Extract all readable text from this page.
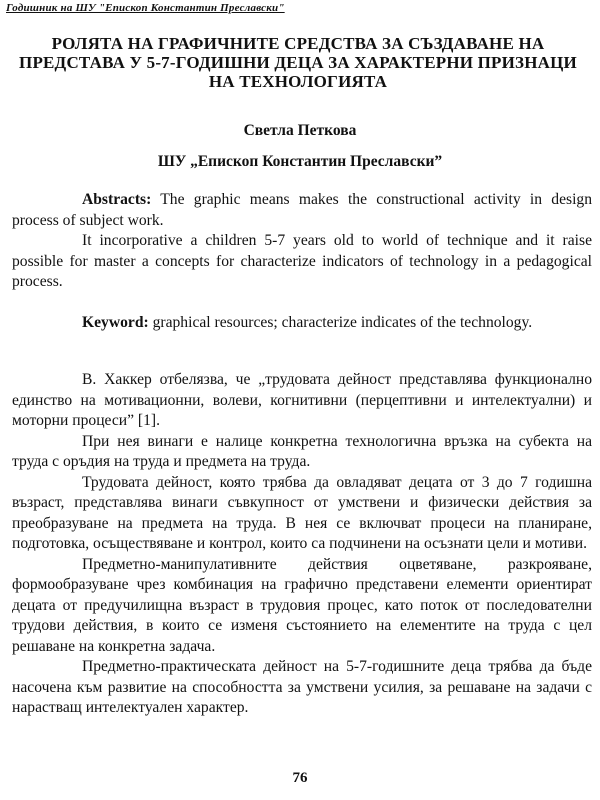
Годишник на ШУ "Епископ Константин Преславски"
РОЛЯТА НА ГРАФИЧНИТЕ СРЕДСТВА ЗА СЪЗДАВАНЕ НА ПРЕДСТАВА У 5-7-ГОДИШНИ ДЕЦА ЗА ХАРАКТЕРНИ ПРИЗНАЦИ НА ТЕХНОЛОГИЯТА
Светла Петкова
ШУ „Епископ Константин Преславски”

Abstracts: The graphic means makes the constructional activity in design process of subject work.

It incorporative a children 5-7 years old to world of technique and it raise possible for master a concepts for characterize indicators of technology in a pedagogical process.

Keyword: graphical resources; characterize indicates of the technology.

В. Хаккер отбелязва, че „трудовата дейност представлява функционално единство на мотивационни, волеви, когнитивни (перцептивни и интелектуални) и моторни процеси” [1].

При нея винаги е налице конкретна технологична връзка на субекта на труда с оръдия на труда и предмета на труда.

Трудовата дейност, която трябва да овладяват децата от 3 до 7 годишна възраст, представлява винаги съвкупност от умствени и физически действия за преобразуване на предмета на труда. В нея се включват процеси на планиране, подготовка, осъществяване и контрол, които са подчинени на осъзнати цели и мотиви.

Предметно-манипулативните действия оцветяване, разкрояване, формообразуване чрез комбинация на графично представени елементи ориентират децата от предучилищна възраст в трудовия процес, като поток от последователни трудови действия, в които се изменя състоянието на елементите на труда с цел решаване на конкретна задача.

Предметно-практическата дейност на 5-7-годишните деца трябва да бъде насочена към развитие на способността за умствени усилия, за решаване на задачи с нарастващ интелектуален характер.

76
